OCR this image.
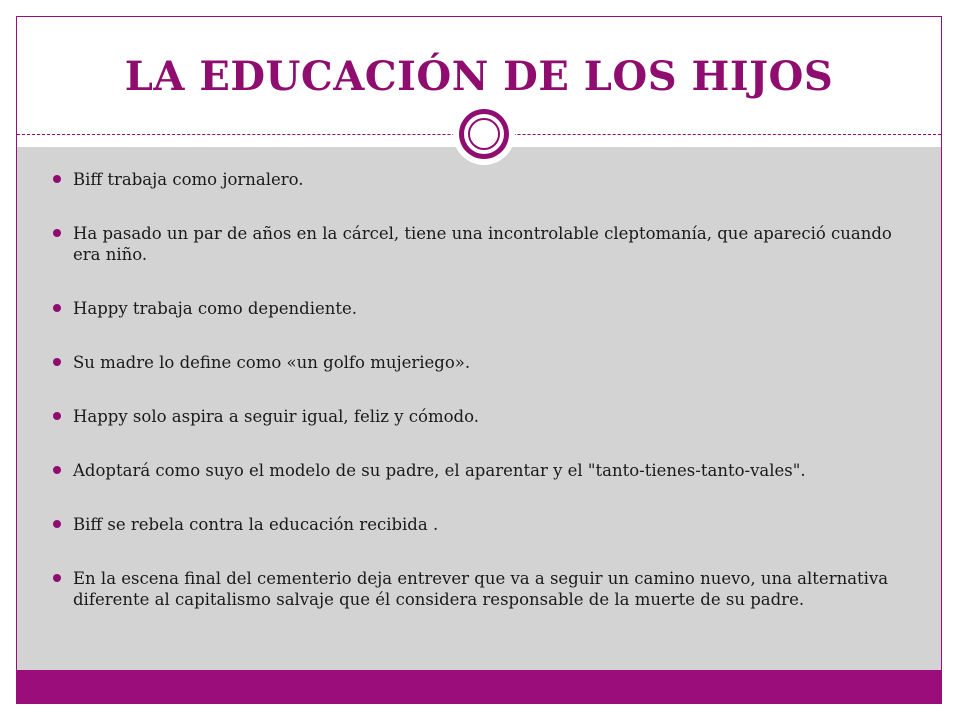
LA EDUCACIÓN DE LOS HIJOS
Biff trabaja como jornalero.
Ha pasado un par de años en la cárcel, tiene una incontrolable cleptomanía, que apareció cuando era niño.
Happy trabaja como dependiente.
Su madre lo define como «un golfo mujeriego».
Happy solo aspira a seguir igual, feliz y cómodo.
Adoptará como suyo el modelo de su padre, el aparentar y el "tanto-tienes-tanto-vales".
Biff se rebela contra la educación recibida .
En la escena final del cementerio deja entrever que va a seguir un camino nuevo, una alternativa diferente al capitalismo salvaje que él considera responsable de la muerte de su padre.
